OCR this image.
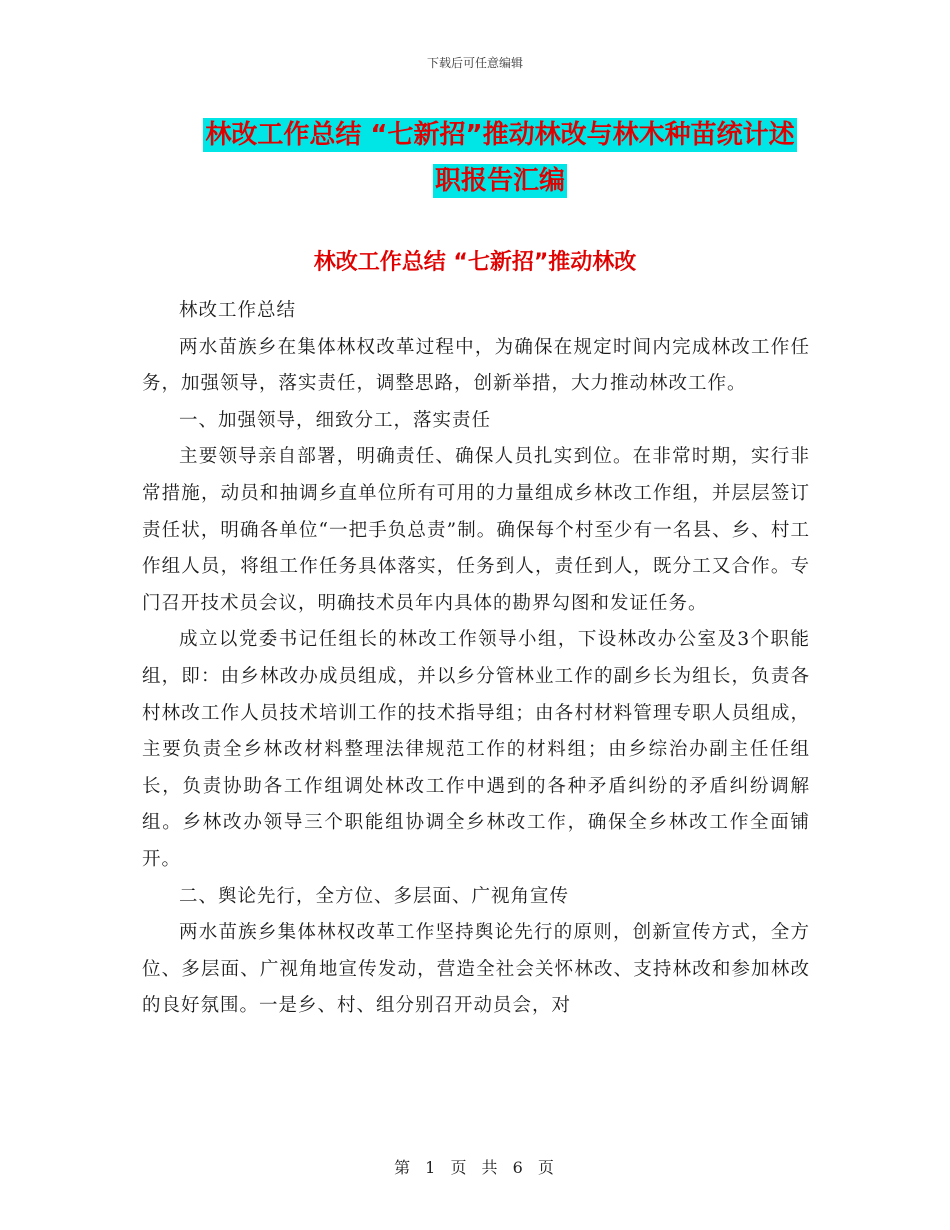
下载后可任意编辑
林改工作总结 “七新招”推动林改与林木种苗统计述
职报告汇编
林改工作总结 “七新招”推动林改

林改工作总结

两水苗族乡在集体林权改革过程中，为确保在规定时间内完成林改工作任务，加强领导，落实责任，调整思路，创新举措，大力推动林改工作。

一、加强领导，细致分工，落实责任

主要领导亲自部署，明确责任、确保人员扎实到位。在非常时期，实行非常措施，动员和抽调乡直单位所有可用的力量组成乡林改工作组，并层层签订责任状，明确各单位“一把手负总责”制。确保每个村至少有一名县、乡、村工作组人员，将组工作任务具体落实，任务到人，责任到人，既分工又合作。专门召开技术员会议，明确技术员年内具体的勘界勾图和发证任务。

成立以党委书记任组长的林改工作领导小组，下设林改办公室及3个职能组，即：由乡林改办成员组成，并以乡分管林业工作的副乡长为组长，负责各村林改工作人员技术培训工作的技术指导组；由各村材料管理专职人员组成，主要负责全乡林改材料整理法律规范工作的材料组；由乡综治办副主任任组长，负责协助各工作组调处林改工作中遇到的各种矛盾纠纷的矛盾纠纷调解组。乡林改办领导三个职能组协调全乡林改工作，确保全乡林改工作全面铺开。

二、舆论先行，全方位、多层面、广视角宣传

两水苗族乡集体林权改革工作坚持舆论先行的原则，创新宣传方式，全方位、多层面、广视角地宣传发动，营造全社会关怀林改、支持林改和参加林改的良好氛围。一是乡、村、组分别召开动员会，对

第 1 页 共 6 页
